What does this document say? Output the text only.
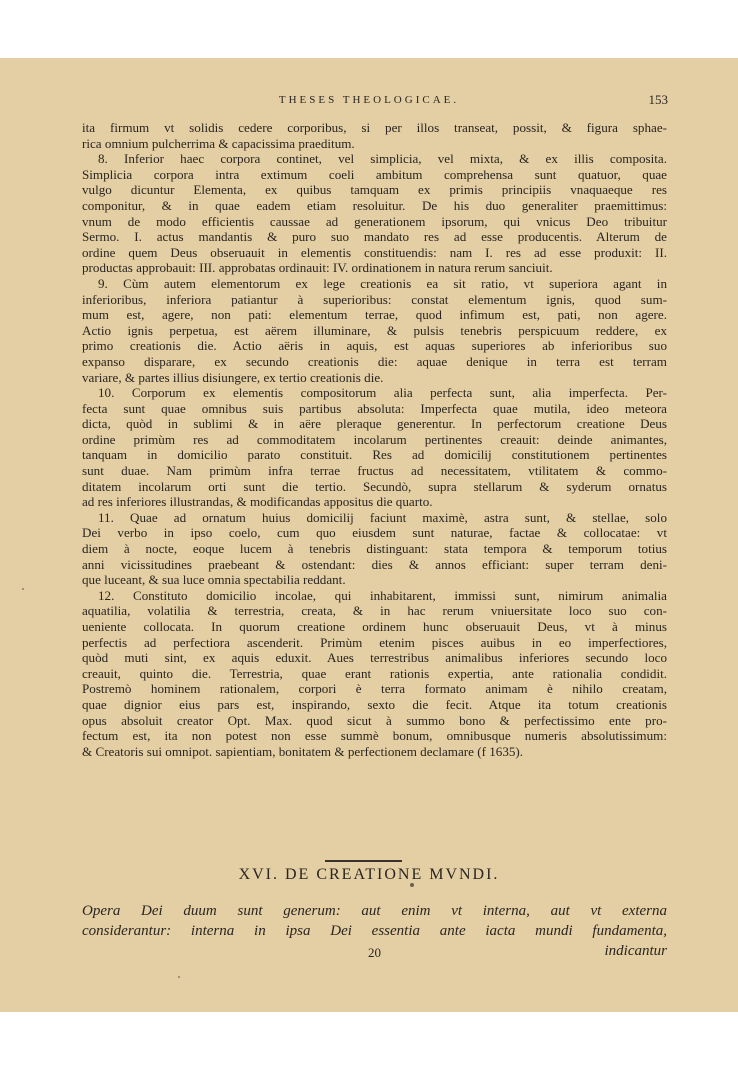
THESES THEOLOGICAE.	153
ita firmum vt solidis cedere corporibus, si per illos transeat, possit, & figura sphae-
rica omnium pulcherrima & capacissima praeditum.
8. Inferior haec corpora continet, vel simplicia, vel mixta, & ex illis composita.
Simplicia corpora intra extimum coeli ambitum comprehensa sunt quatuor, quae
vulgo dicuntur Elementa, ex quibus tamquam ex primis principiis vnaquaeque res
componitur, & in quae eadem etiam resoluitur. De his duo generaliter praemittimus:
vnum de modo efficientis caussae ad generationem ipsorum, qui vnicus Deo tribuitur
Sermo. I. actus mandantis & puro suo mandato res ad esse producentis. Alterum de
ordine quem Deus obseruauit in elementis constituendis: nam I. res ad esse produxit: II.
productas approbauit: III. approbatas ordinauit: IV. ordinationem in natura rerum sanciuit.
9. Cùm autem elementorum ex lege creationis ea sit ratio, vt superiora agant in
inferioribus, inferiora patiantur à superioribus: constat elementum ignis, quod sum-
mum est, agere, non pati: elementum terrae, quod infimum est, pati, non agere.
Actio ignis perpetua, est aërem illuminare, & pulsis tenebris perspicuum reddere, ex
primo creationis die. Actio aëris in aquis, est aquas superiores ab inferioribus suo
expanso disparare, ex secundo creationis die: aquae denique in terra est terram
variare, & partes illius disiungere, ex tertio creationis die.
10. Corporum ex elementis compositorum alia perfecta sunt, alia imperfecta. Per-
fecta sunt quae omnibus suis partibus absoluta: Imperfecta quae mutila, ideo meteora
dicta, quòd in sublimi & in aëre pleraque generentur. In perfectorum creatione Deus
ordine primùm res ad commoditatem incolarum pertinentes creauit: deinde animantes,
tanquam in domicilio parato constituit. Res ad domicilij constitutionem pertinentes
sunt duae. Nam primùm infra terrae fructus ad necessitatem, vtilitatem & commo-
ditatem incolarum orti sunt die tertio. Secundò, supra stellarum & syderum ornatus
ad res inferiores illustrandas, & modificandas appositus die quarto.
11. Quae ad ornatum huius domicilij faciunt maximè, astra sunt, & stellae, solo
Dei verbo in ipso coelo, cum quo eiusdem sunt naturae, factae & collocatae: vt
diem à nocte, eoque lucem à tenebris distinguant: stata tempora & temporum totius
anni vicissitudines praebeant & ostendant: dies & annos efficiant: super terram deni-
que luceant, & sua luce omnia spectabilia reddant.
12. Constituto domicilio incolae, qui inhabitarent, immissi sunt, nimirum animalia
aquatilia, volatilia & terrestria, creata, & in hac rerum vniuersitate loco suo con-
ueniente collocata. In quorum creatione ordinem hunc obseruauit Deus, vt à minus
perfectis ad perfectiora ascenderit. Primùm etenim pisces auibus in eo imperfectiores,
quòd muti sint, ex aquis eduxit. Aues terrestribus animalibus inferiores secundo loco
creauit, quinto die. Terrestria, quae erant rationis expertia, ante rationalia condidit.
Postremò hominem rationalem, corpori è terra formato animam è nihilo creatam,
quae dignior eius pars est, inspirando, sexto die fecit. Atque ita totum creationis
opus absoluit creator Opt. Max. quod sicut à summo bono & perfectissimo ente pro-
fectum est, ita non potest non esse summè bonum, omnibusque numeris absolutissimum:
& Creatoris sui omnipot. sapientiam, bonitatem & perfectionem declamare (f 1635).
XVI. DE CREATIONE MVNDI.
Opera Dei duum sunt generum: aut enim vt interna, aut vt externa
considerantur: interna in ipsa Dei essentia ante iacta mundi fundamenta,
20	indicantur
